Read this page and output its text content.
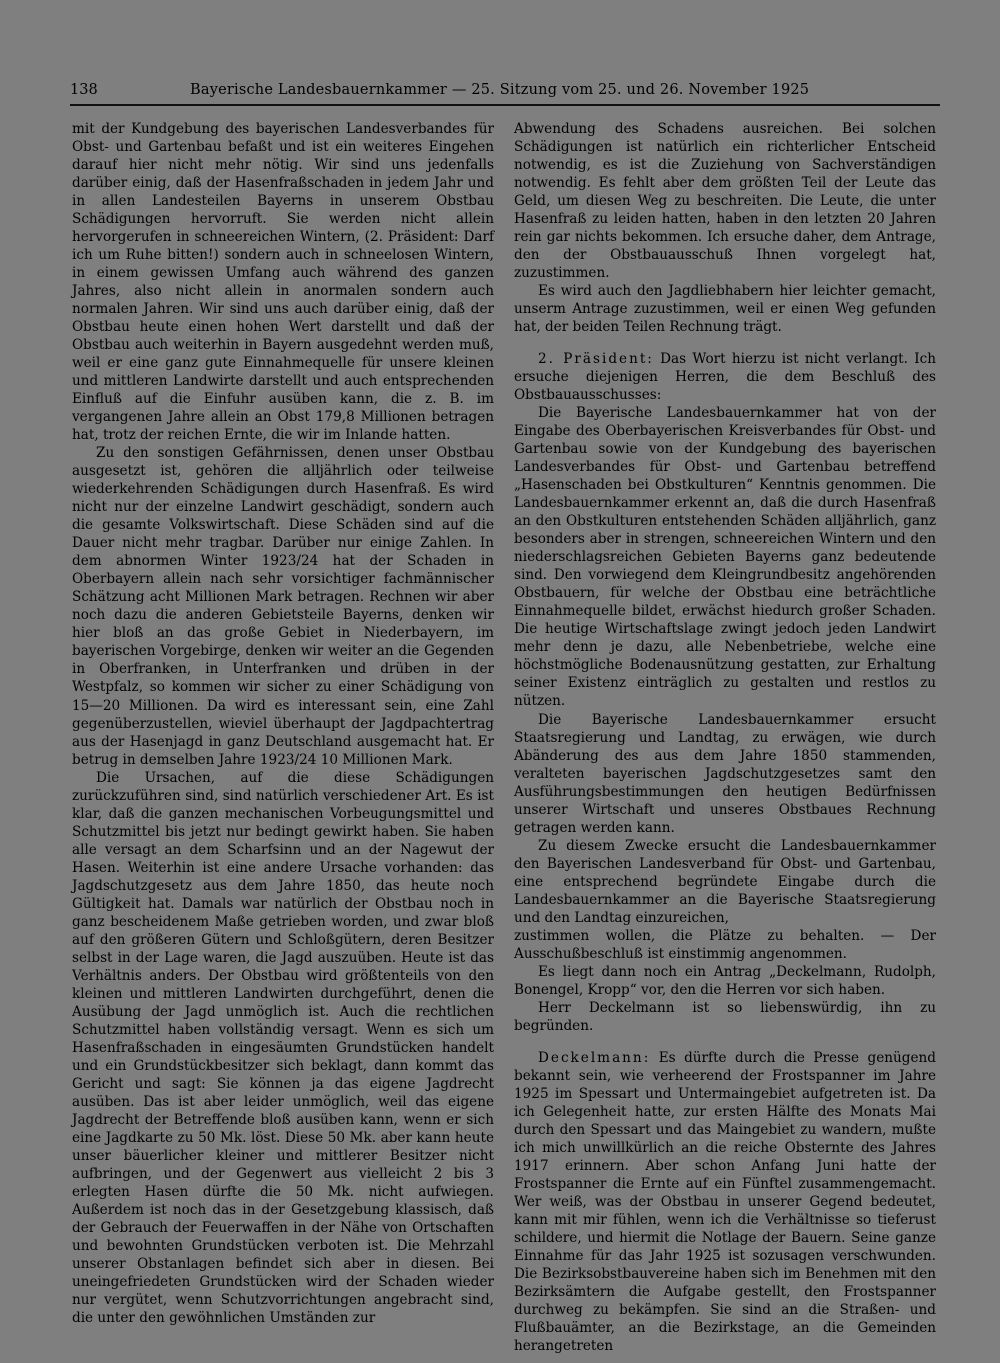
138	Bayerische Landesbauernkammer — 25. Sitzung vom 25. und 26. November 1925

mit der Kundgebung des bayerischen Landesverbandes für Obst- und Gartenbau befaßt und ist ein weiteres Eingehen darauf hier nicht mehr nötig. Wir sind uns jedenfalls darüber einig, daß der Hasenfraßschaden in jedem Jahr und in allen Landesteilen Bayerns in unserem Obstbau Schädigungen hervorruft. Sie werden nicht allein hervorgerufen in schneereichen Wintern, (2. Präsident: Darf ich um Ruhe bitten!) sondern auch in schneelosen Wintern, in einem gewissen Umfang auch während des ganzen Jahres, also nicht allein in anormalen sondern auch normalen Jahren. Wir sind uns auch darüber einig, daß der Obstbau heute einen hohen Wert darstellt und daß der Obstbau auch weiterhin in Bayern ausgedehnt werden muß, weil er eine ganz gute Einnahmequelle für unsere kleinen und mittleren Landwirte darstellt und auch entsprechenden Einfluß auf die Einfuhr ausüben kann, die z. B. im vergangenen Jahre allein an Obst 179,8 Millionen betragen hat, trotz der reichen Ernte, die wir im Inlande hatten.

Zu den sonstigen Gefährnissen, denen unser Obstbau ausgesetzt ist, gehören die alljährlich oder teilweise wiederkehrenden Schädigungen durch Hasenfraß. Es wird nicht nur der einzelne Landwirt geschädigt, sondern auch die gesamte Volkswirtschaft. Diese Schäden sind auf die Dauer nicht mehr tragbar. Darüber nur einige Zahlen. In dem abnormen Winter 1923/24 hat der Schaden in Oberbayern allein nach sehr vorsichtiger fachmännischer Schätzung acht Millionen Mark betragen. Rechnen wir aber noch dazu die anderen Gebietsteile Bayerns, denken wir hier bloß an das große Gebiet in Niederbayern, im bayerischen Vorgebirge, denken wir weiter an die Gegenden in Oberfranken, in Unterfranken und drüben in der Westpfalz, so kommen wir sicher zu einer Schädigung von 15—20 Millionen. Da wird es interessant sein, eine Zahl gegenüberzustellen, wieviel überhaupt der Jagdpachtertrag aus der Hasenjagd in ganz Deutschland ausgemacht hat. Er betrug in demselben Jahre 1923/24 10 Millionen Mark.

Die Ursachen, auf die diese Schädigungen zurückzuführen sind, sind natürlich verschiedener Art. Es ist klar, daß die ganzen mechanischen Vorbeugungsmittel und Schutzmittel bis jetzt nur bedingt gewirkt haben. Sie haben alle versagt an dem Scharfsinn und an der Nagewut der Hasen. Weiterhin ist eine andere Ursache vorhanden: das Jagdschutzgesetz aus dem Jahre 1850, das heute noch Gültigkeit hat. Damals war natürlich der Obstbau noch in ganz bescheidenem Maße getrieben worden, und zwar bloß auf den größeren Gütern und Schloßgütern, deren Besitzer selbst in der Lage waren, die Jagd auszuüben. Heute ist das Verhältnis anders. Der Obstbau wird größtenteils von den kleinen und mittleren Landwirten durchgeführt, denen die Ausübung der Jagd unmöglich ist. Auch die rechtlichen Schutzmittel haben vollständig versagt. Wenn es sich um Hasenfraßschaden in eingesäumten Grundstücken handelt und ein Grundstückbesitzer sich beklagt, dann kommt das Gericht und sagt: Sie können ja das eigene Jagdrecht ausüben. Das ist aber leider unmöglich, weil das eigene Jagdrecht der Betreffende bloß ausüben kann, wenn er sich eine Jagdkarte zu 50 Mk. löst. Diese 50 Mk. aber kann heute unser bäuerlicher kleiner und mittlerer Besitzer nicht aufbringen, und der Gegenwert aus vielleicht 2 bis 3 erlegten Hasen dürfte die 50 Mk. nicht aufwiegen. Außerdem ist noch das in der Gesetzgebung klassisch, daß der Gebrauch der Feuerwaffen in der Nähe von Ortschaften und bewohnten Grundstücken verboten ist. Die Mehrzahl unserer Obstanlagen befindet sich aber in diesen. Bei uneingefriedeten Grundstücken wird der Schaden wieder nur vergütet, wenn Schutzvorrichtungen angebracht sind, die unter den gewöhnlichen Umständen zur

Abwendung des Schadens ausreichen. Bei solchen Schädigungen ist natürlich ein richterlicher Entscheid notwendig, es ist die Zuziehung von Sachverständigen notwendig. Es fehlt aber dem größten Teil der Leute das Geld, um diesen Weg zu beschreiten. Die Leute, die unter Hasenfraß zu leiden hatten, haben in den letzten 20 Jahren rein gar nichts bekommen. Ich ersuche daher, dem Antrage, den der Obstbauausschuß Ihnen vorgelegt hat, zuzustimmen.

Es wird auch den Jagdliebhabern hier leichter gemacht, unserm Antrage zuzustimmen, weil er einen Weg gefunden hat, der beiden Teilen Rechnung trägt.

2. Präsident: Das Wort hierzu ist nicht verlangt. Ich ersuche diejenigen Herren, die dem Beschluß des Obstbauausschusses:

Die Bayerische Landesbauernkammer hat von der Eingabe des Oberbayerischen Kreisverbandes für Obst- und Gartenbau sowie von der Kundgebung des bayerischen Landesverbandes für Obst- und Gartenbau betreffend „Hasenschaden bei Obstkulturen“ Kenntnis genommen. Die Landesbauernkammer erkennt an, daß die durch Hasenfraß an den Obstkulturen entstehenden Schäden alljährlich, ganz besonders aber in strengen, schneereichen Wintern und den niederschlagsreichen Gebieten Bayerns ganz bedeutende sind. Den vorwiegend dem Kleingrundbesitz angehörenden Obstbauern, für welche der Obstbau eine beträchtliche Einnahmequelle bildet, erwächst hiedurch großer Schaden. Die heutige Wirtschaftslage zwingt jedoch jeden Landwirt mehr denn je dazu, alle Nebenbetriebe, welche eine höchstmögliche Bodenausnützung gestatten, zur Erhaltung seiner Existenz einträglich zu gestalten und restlos zu nützen.

Die Bayerische Landesbauernkammer ersucht Staatsregierung und Landtag, zu erwägen, wie durch Abänderung des aus dem Jahre 1850 stammenden, veralteten bayerischen Jagdschutzgesetzes samt den Ausführungsbestimmungen den heutigen Bedürfnissen unserer Wirtschaft und unseres Obstbaues Rechnung getragen werden kann.

Zu diesem Zwecke ersucht die Landesbauernkammer den Bayerischen Landesverband für Obst- und Gartenbau, eine entsprechend begründete Eingabe durch die Landesbauernkammer an die Bayerische Staatsregierung und den Landtag einzureichen,

zustimmen wollen, die Plätze zu behalten. — Der Ausschußbeschluß ist einstimmig angenommen.

Es liegt dann noch ein Antrag „Deckelmann, Rudolph, Bonengel, Kropp“ vor, den die Herren vor sich haben.

Herr Deckelmann ist so liebenswürdig, ihn zu begründen.

Deckelmann: Es dürfte durch die Presse genügend bekannt sein, wie verheerend der Frostspanner im Jahre 1925 im Spessart und Untermaingebiet aufgetreten ist. Da ich Gelegenheit hatte, zur ersten Hälfte des Monats Mai durch den Spessart und das Maingebiet zu wandern, mußte ich mich unwillkürlich an die reiche Obsternte des Jahres 1917 erinnern. Aber schon Anfang Juni hatte der Frostspanner die Ernte auf ein Fünftel zusammengemacht. Wer weiß, was der Obstbau in unserer Gegend bedeutet, kann mit mir fühlen, wenn ich die Verhältnisse so tieferust schildere, und hiermit die Notlage der Bauern. Seine ganze Einnahme für das Jahr 1925 ist sozusagen verschwunden. Die Bezirksobstbauvereine haben sich im Benehmen mit den Bezirksämtern die Aufgabe gestellt, den Frostspanner durchweg zu bekämpfen. Sie sind an die Straßen- und Flußbauämter, an die Bezirkstage, an die Gemeinden herangetreten
